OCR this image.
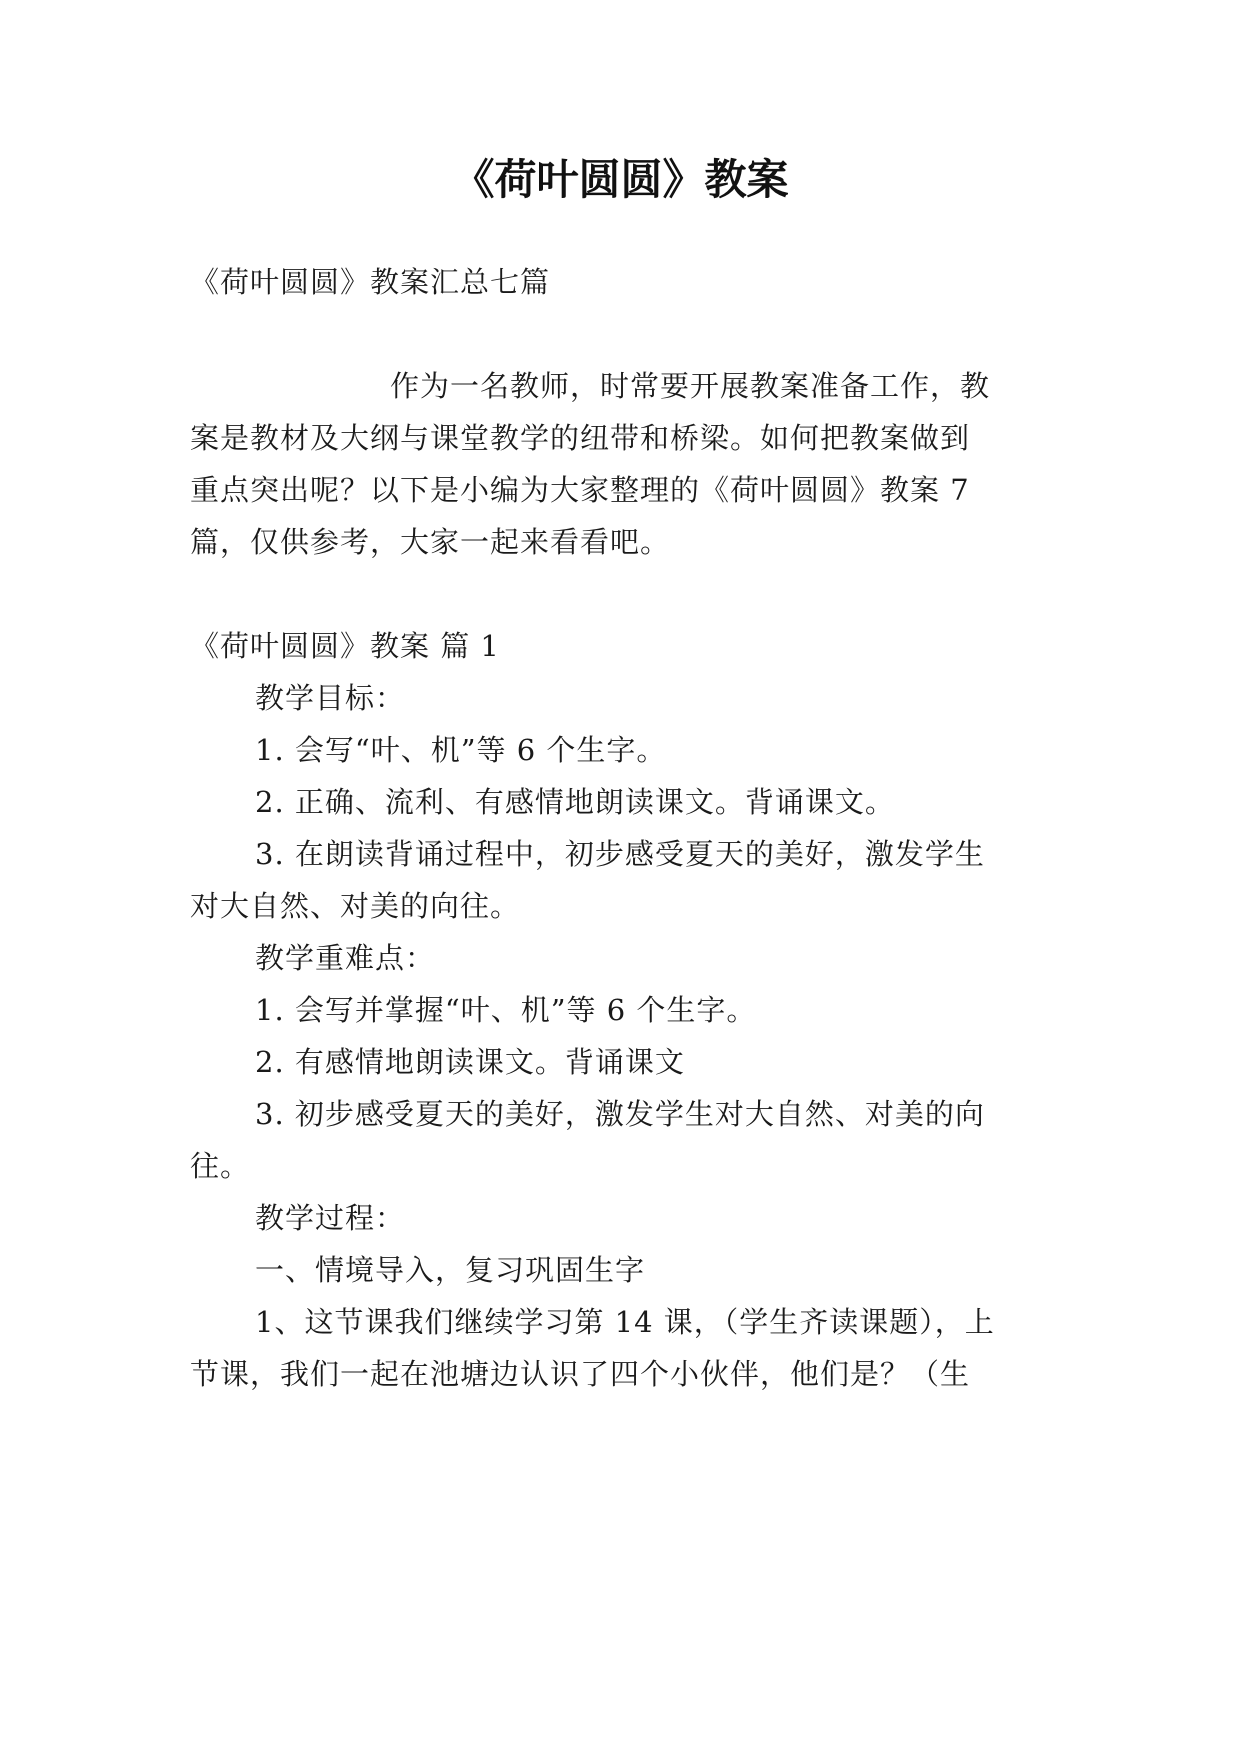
《荷叶圆圆》教案

《荷叶圆圆》教案汇总七篇

作为一名教师，时常要开展教案准备工作，教

案是教材及大纲与课堂教学的纽带和桥梁。如何把教案做到

重点突出呢？以下是小编为大家整理的《荷叶圆圆》教案 7

篇，仅供参考，大家一起来看看吧。

《荷叶圆圆》教案 篇 1

教学目标：

1. 会写“叶、机”等 6 个生字。

2. 正确、流利、有感情地朗读课文。背诵课文。

3. 在朗读背诵过程中，初步感受夏天的美好，激发学生

对大自然、对美的向往。

教学重难点：

1. 会写并掌握“叶、机”等 6 个生字。

2. 有感情地朗读课文。背诵课文

3. 初步感受夏天的美好，激发学生对大自然、对美的向

往。

教学过程：

一、情境导入，复习巩固生字

1、这节课我们继续学习第 14 课，（学生齐读课题），上

节课，我们一起在池塘边认识了四个小伙伴，他们是？（生
